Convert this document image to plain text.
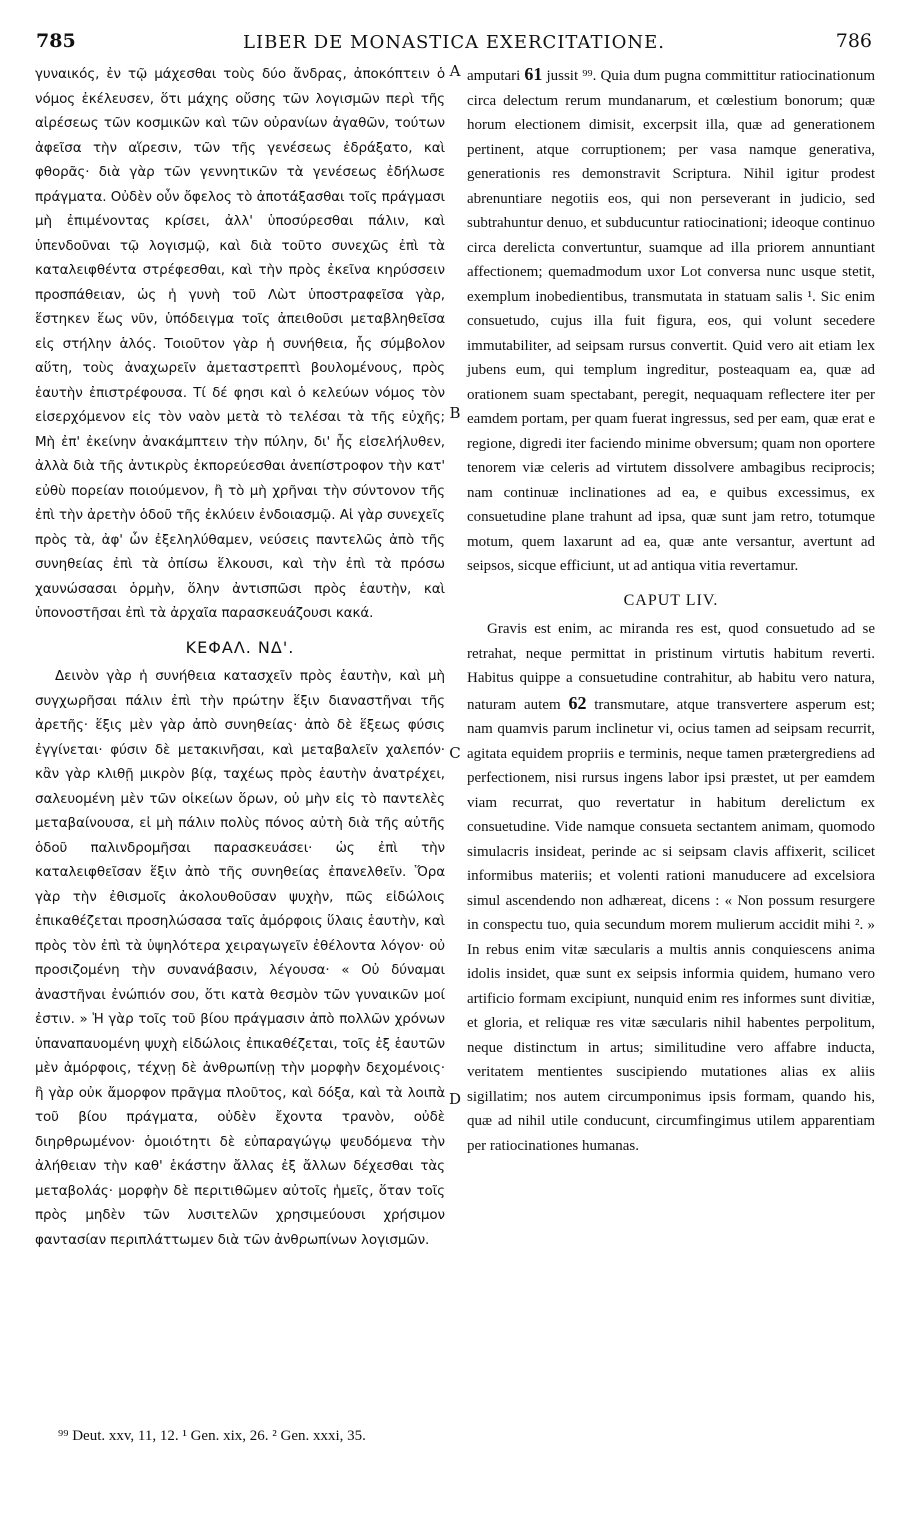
785	LIBER DE MONASTICA EXERCITATIONE.	786

γυναικός, ἐν τῷ μάχεσθαι τοὺς δύο ἄνδρας, ἀποκόπτειν ὁ νόμος ἐκέλευσεν, ὅτι μάχης οὔσης τῶν λογισμῶν περὶ τῆς αἱρέσεως τῶν κοσμικῶν καὶ τῶν οὐρανίων ἀγαθῶν, τούτων ἀφεῖσα τὴν αἵρεσιν, τῶν τῆς γενέσεως ἐδράξατο, καὶ φθορᾶς· διὰ γὰρ τῶν γεννητικῶν τὰ γενέσεως ἐδήλωσε πράγματα. Οὐδὲν οὖν ὄφελος τὸ ἀποτάξασθαι τοῖς πράγμασι μὴ ἐπιμένοντας κρίσει, ἀλλ' ὑποσύρεσθαι πάλιν, καὶ ὑπενδοῦναι τῷ λογισμῷ, καὶ διὰ τοῦτο συνεχῶς ἐπὶ τὰ καταλειφθέντα στρέφεσθαι, καὶ τὴν πρὸς ἐκεῖνα κηρύσσειν προσπάθειαν, ὡς ἡ γυνὴ τοῦ Λὼτ ὑποστραφεῖσα γὰρ, ἕστηκεν ἕως νῦν, ὑπόδειγμα τοῖς ἀπειθοῦσι μεταβληθεῖσα εἰς στήλην ἁλός. Τοιοῦτον γὰρ ἡ συνήθεια, ἧς σύμβολον αὕτη, τοὺς ἀναχωρεῖν ἀμεταστρεπτὶ βουλομένους, πρὸς ἑαυτὴν ἐπιστρέφουσα. Τί δέ φησι καὶ ὁ κελεύων νόμος τὸν εἰσερχόμενον εἰς τὸν ναὸν μετὰ τὸ τελέσαι τὰ τῆς εὐχῆς; Μὴ ἐπ' ἐκείνην ἀνακάμπτειν τὴν πύλην, δι' ἧς εἰσελήλυθεν, ἀλλὰ διὰ τῆς ἀντικρὺς ἐκπορεύεσθαι ἀνεπίστροφον τὴν κατ' εὐθὺ πορείαν ποιούμενον, ἢ τὸ μὴ χρῆναι τὴν σύντονον τῆς ἐπὶ τὴν ἀρετὴν ὁδοῦ τῆς ἐκλύειν ἐνδοιασμῷ. Αἱ γὰρ συνεχεῖς πρὸς τὰ, ἀφ' ὧν ἐξεληλύθαμεν, νεύσεις παντελῶς ἀπὸ τῆς συνηθείας ἐπὶ τὰ ὀπίσω ἕλκουσι, καὶ τὴν ἐπὶ τὰ πρόσω χαυνώσασαι ὁρμὴν, ὅλην ἀντισπῶσι πρὸς ἑαυτὴν, καὶ ὑπονοστῆσαι ἐπὶ τὰ ἀρχαῖα παρασκευάζουσι κακά.

ΚΕΦΑΛ. ΝΔ'.

Δεινὸν γὰρ ἡ συνήθεια κατασχεῖν πρὸς ἑαυτὴν, καὶ μὴ συγχωρῆσαι πάλιν ἐπὶ τὴν πρώτην ἕξιν διαναστῆναι τῆς ἀρετῆς· ἕξις μὲν γὰρ ἀπὸ συνηθείας· ἀπὸ δὲ ἕξεως φύσις ἐγγίνεται· φύσιν δὲ μετακινῆσαι, καὶ μεταβαλεῖν χαλεπόν· κἂν γὰρ κλιθῇ μικρὸν βίᾳ, ταχέως πρὸς ἑαυτὴν ἀνατρέχει, σαλευομένη μὲν τῶν οἰκείων ὅρων, οὐ μὴν εἰς τὸ παντελὲς μεταβαίνουσα, εἰ μὴ πάλιν πολὺς πόνος αὐτὴ διὰ τῆς αὐτῆς ὁδοῦ παλινδρομῆσαι παρασκευάσει· ὡς ἐπὶ τὴν καταλειφθεῖσαν ἕξιν ἀπὸ τῆς συνηθείας ἐπανελθεῖν. Ὅρα γὰρ τὴν ἐθισμοῖς ἀκολουθοῦσαν ψυχὴν, πῶς εἰδώλοις ἐπικαθέζεται προσηλώσασα ταῖς ἀμόρφοις ὕλαις ἑαυτὴν, καὶ πρὸς τὸν ἐπὶ τὰ ὑψηλότερα χειραγωγεῖν ἐθέλοντα λόγον· οὐ προσιζομένη τὴν συνανάβασιν, λέγουσα· « Οὐ δύναμαι ἀναστῆναι ἐνώπιόν σου, ὅτι κατὰ θεσμὸν τῶν γυναικῶν μοί ἐστιν. » Ἡ γὰρ τοῖς τοῦ βίου πράγμασιν ἀπὸ πολλῶν χρόνων ὑπαναπαυομένη ψυχὴ εἰδώλοις ἐπικαθέζεται, τοῖς ἐξ ἑαυτῶν μὲν ἀμόρφοις, τέχνῃ δὲ ἀνθρωπίνῃ τὴν μορφὴν δεχομένοις· ἢ γὰρ οὐκ ἄμορφον πρᾶγμα πλοῦτος, καὶ δόξα, καὶ τὰ λοιπὰ τοῦ βίου πράγματα, οὐδὲν ἔχοντα τρανὸν, οὐδὲ διηρθρωμένον· ὁμοιότητι δὲ εὐπαραγώγῳ ψευδόμενα τὴν ἀλήθειαν τὴν καθ' ἑκάστην ἄλλας ἐξ ἄλλων δέχεσθαι τὰς μεταβολάς· μορφὴν δὲ περιτιθῶμεν αὐτοῖς ἡμεῖς, ὅταν τοῖς πρὸς μηδὲν τῶν λυσιτελῶν χρησιμεύουσι χρήσιμον φαντασίαν περιπλάττωμεν διὰ τῶν ἀνθρωπίνων λογισμῶν.

A
B
C
D

amputari 61 jussit ⁹⁹. Quia dum pugna committitur ratiocinationum circa delectum rerum mundanarum, et cœlestium bonorum; quæ horum electionem dimisit, excerpsit illa, quæ ad generationem pertinent, atque corruptionem; per vasa namque generativa, generationis res demonstravit Scriptura. Nihil igitur prodest abrenuntiare negotiis eos, qui non perseverant in judicio, sed subtrahuntur denuo, et subducuntur ratiocinationi; ideoque continuo circa derelicta convertuntur, suamque ad illa priorem annuntiant affectionem; quemadmodum uxor Lot conversa nunc usque stetit, exemplum inobedientibus, transmutata in statuam salis ¹. Sic enim consuetudo, cujus illa fuit figura, eos, qui volunt secedere immutabiliter, ad seipsam rursus convertit. Quid vero ait etiam lex jubens eum, qui templum ingreditur, posteaquam ea, quæ ad orationem suam spectabant, peregit, nequaquam reflectere iter per eamdem portam, per quam fuerat ingressus, sed per eam, quæ erat e regione, digredi iter faciendo minime obversum; quam non oportere tenorem viæ celeris ad virtutem dissolvere ambagibus reciprocis; nam continuæ inclinationes ad ea, e quibus excessimus, ex consuetudine plane trahunt ad ipsa, quæ sunt jam retro, totumque motum, quem laxarunt ad ea, quæ ante versantur, avertunt ad seipsos, sicque efficiunt, ut ad antiqua vitia revertamur.

CAPUT LIV.

Gravis est enim, ac miranda res est, quod consuetudo ad se retrahat, neque permittat in pristinum virtutis habitum reverti. Habitus quippe a consuetudine contrahitur, ab habitu vero natura, naturam autem 62 transmutare, atque transvertere asperum est; nam quamvis parum inclinetur vi, ocius tamen ad seipsam recurrit, agitata equidem propriis e terminis, neque tamen prætergrediens ad perfectionem, nisi rursus ingens labor ipsi præstet, ut per eamdem viam recurrat, quo revertatur in habitum derelictum ex consuetudine. Vide namque consueta sectantem animam, quomodo simulacris insideat, perinde ac si seipsam clavis affixerit, scilicet informibus materiis; et volenti rationi manuducere ad excelsiora simul ascendendo non adhæreat, dicens : « Non possum resurgere in conspectu tuo, quia secundum morem mulierum accidit mihi ². » In rebus enim vitæ sæcularis a multis annis conquiescens anima idolis insidet, quæ sunt ex seipsis informia quidem, humano vero artificio formam excipiunt, nunquid enim res informes sunt divitiæ, et gloria, et reliquæ res vitæ sæcularis nihil habentes perpolitum, neque distinctum in artus; similitudine vero affabre inducta, veritatem mentientes suscipiendo mutationes alias ex aliis sigillatim; nos autem circumponimus ipsis formam, quando his, quæ ad nihil utile conducunt, circumfingimus utilem apparentiam per ratiocinationes humanas.

⁹⁹ Deut. xxv, 11, 12. ¹ Gen. xix, 26. ² Gen. xxxi, 35.
